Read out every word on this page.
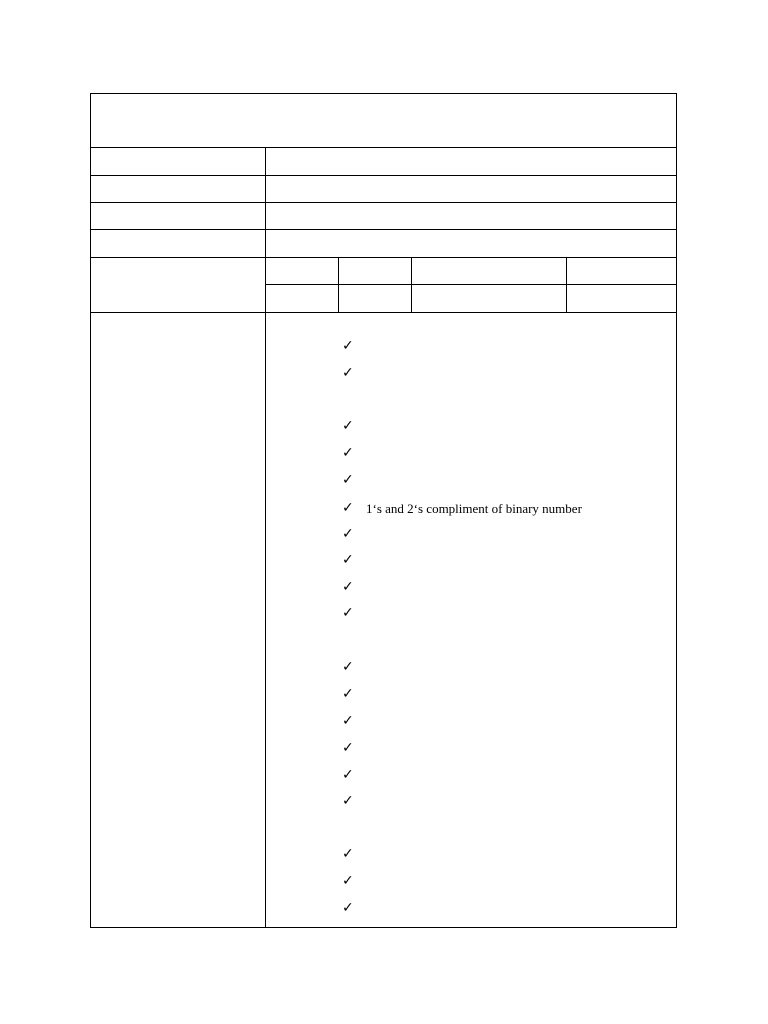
✓
✓
✓
✓
✓
✓ 1‘s and 2‘s compliment of binary number
✓
✓
✓
✓
✓
✓
✓
✓
✓
✓
✓
✓
✓
